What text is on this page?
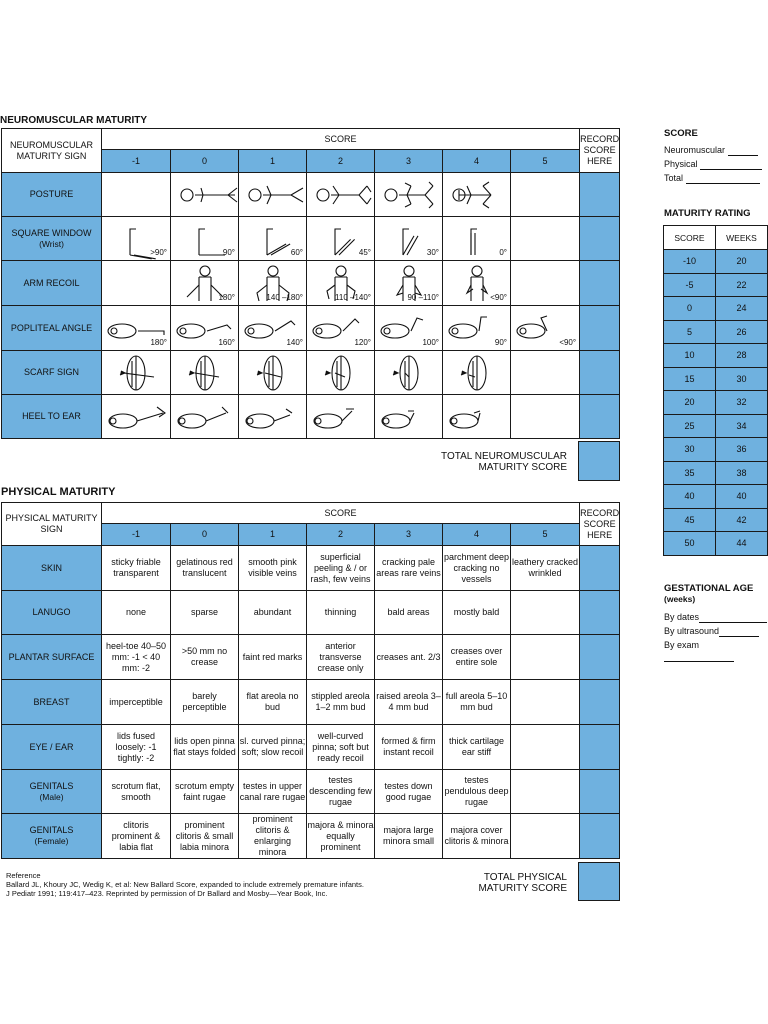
NEUROMUSCULAR MATURITY
NEUROMUSCULAR MATURITY SIGN	SCORE							RECORD SCORE HERE
	-1	0	1	2	3	4	5	

POSTURE

SQUARE WINDOW
(Wrist)	>90°	90°	60°	45°	30°	0°		

ARM RECOIL		180°	140 –180°	110 –140°	90 –110°	<90°		

POPLITEAL ANGLE	180°	160°	140°	120°	100°	90°	<90°	

SCARF SIGN

HEEL TO EAR

TOTAL NEUROMUSCULAR
MATURITY SCORE
PHYSICAL MATURITY
PHYSICAL MATURITY SIGN	SCORE							RECORD SCORE HERE
	-1	0	1	2	3	4	5	

SKIN	sticky friable transparent	gelatinous red translucent	smooth pink visible veins	superficial peeling & / or rash, few veins	cracking pale areas rare veins	parchment deep cracking no vessels	leathery cracked wrinkled	

LANUGO	none	sparse	abundant	thinning	bald areas	mostly bald		

PLANTAR SURFACE	heel-toe 40–50 mm: -1 < 40 mm: -2	>50 mm no crease	faint red marks	anterior transverse crease only	creases ant. 2/3	creases over entire sole		

BREAST	imperceptible	barely perceptible	flat areola no bud	stippled areola 1–2 mm bud	raised areola 3–4 mm bud	full areola 5–10 mm bud		

EYE / EAR	lids fused loosely: -1 tightly: -2	lids open pinna flat stays folded	sl. curved pinna; soft; slow recoil	well-curved pinna; soft but ready recoil	formed & firm instant recoil	thick cartilage ear stiff		

GENITALS
(Male)	scrotum flat, smooth	scrotum empty faint rugae	testes in upper canal rare rugae	testes descending few rugae	testes down good rugae	testes pendulous deep rugae		

GENITALS
(Female)	clitoris prominent & labia flat	prominent clitoris & small labia minora	prominent clitoris & enlarging minora	majora & minora equally prominent	majora large minora small	majora cover clitoris & minora		
TOTAL PHYSICAL
MATURITY SCORE
Reference
Ballard JL, Khoury JC, Wedig K, et al: New Ballard Score, expanded to include extremely premature infants.
J Pediatr 1991; 119:417–423. Reprinted by permission of Dr Ballard and Mosby—Year Book, Inc.
SCORE
Neuromuscular
Physical
Total
MATURITY RATING
SCORE	WEEKS
-10	20
-5	22
0	24
5	26
10	28
15	30
20	32
25	34
30	36
35	38
40	40
45	42
50	44
GESTATIONAL AGE
(weeks)
By dates
By ultrasound
By exam
